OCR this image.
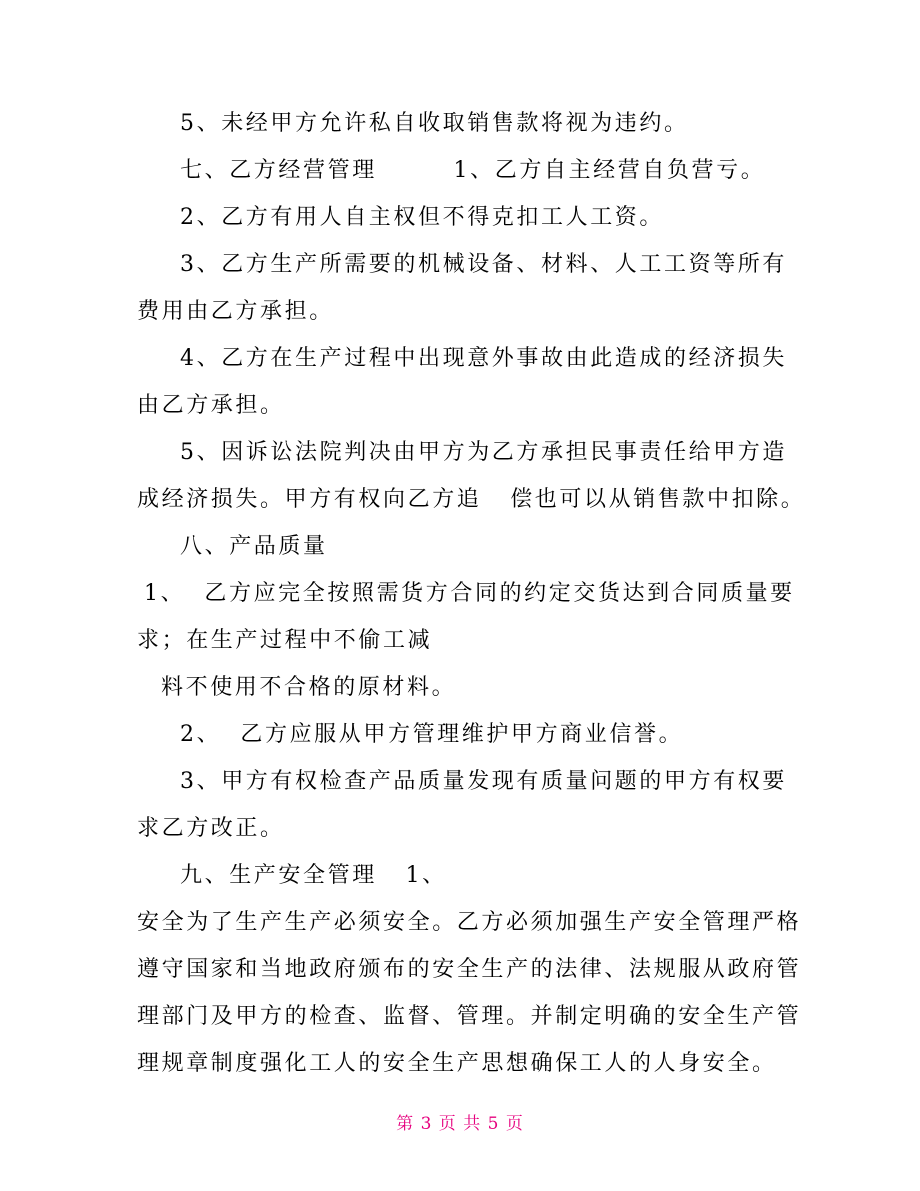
5、未经甲方允许私自收取销售款将视为违约。
七、乙方经营管理        1、乙方自主经营自负营亏。
2、乙方有用人自主权但不得克扣工人工资。
3、乙方生产所需要的机械设备、材料、人工工资等所有
费用由乙方承担。
4、乙方在生产过程中出现意外事故由此造成的经济损失
由乙方承担。
5、因诉讼法院判决由甲方为乙方承担民事责任给甲方造
成经济损失。甲方有权向乙方追   偿也可以从销售款中扣除。
八、产品质量
1、  乙方应完全按照需货方合同的约定交货达到合同质量要
求；在生产过程中不偷工减
料不使用不合格的原材料。
2、  乙方应服从甲方管理维护甲方商业信誉。
3、甲方有权检查产品质量发现有质量问题的甲方有权要
求乙方改正。
九、生产安全管理   1、
安全为了生产生产必须安全。乙方必须加强生产安全管理严格
遵守国家和当地政府颁布的安全生产的法律、法规服从政府管
理部门及甲方的检查、监督、管理。并制定明确的安全生产管
理规章制度强化工人的安全生产思想确保工人的人身安全。
第 3 页 共 5 页
